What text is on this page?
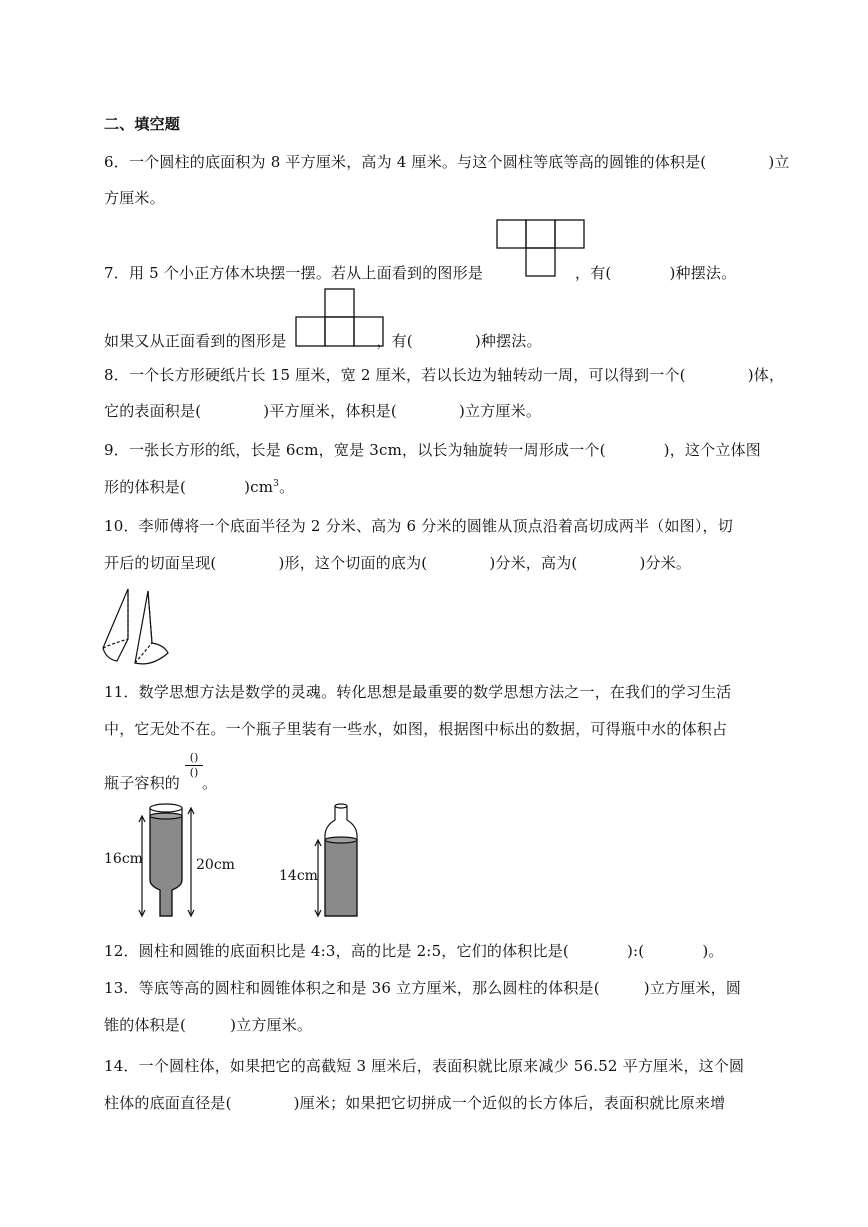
二、填空题
6．一个圆柱的底面积为 8 平方厘米，高为 4 厘米。与这个圆柱等底等高的圆锥的体积是(	)立
方厘米。
7．用 5 个小正方体木块摆一摆。若从上面看到的图形是	，有(	)种摆法。
如果又从正面看到的图形是	，有(	)种摆法。
8．一个长方形硬纸片长 15 厘米，宽 2 厘米，若以长边为轴转动一周，可以得到一个(	)体，
它的表面积是(	)平方厘米，体积是(	)立方厘米。
9．一张长方形的纸，长是 6cm，宽是 3cm，以长为轴旋转一周形成一个(	)，这个立体图
形的体积是(	)$cm^3$。
10．李师傅将一个底面半径为 2 分米、高为 6 分米的圆锥从顶点沿着高切成两半（如图），切
开后的切面呈现(	)形，这个切面的底为(	)分米，高为(	)分米。
11．数学思想方法是数学的灵魂。转化思想是最重要的数学思想方法之一，在我们的学习生活
中，它无处不在。一个瓶子里装有一些水，如图，根据图中标出的数据，可得瓶中水的体积占
瓶子容积的 。
()
()
16cm	20cm
14cm
12．圆柱和圆锥的底面积比是 4:3，高的比是 2:5，它们的体积比是(	):(	)。
13．等底等高的圆柱和圆锥体积之和是 36 立方厘米，那么圆柱的体积是(	)立方厘米，圆
锥的体积是(	)立方厘米。
14．一个圆柱体，如果把它的高截短 3 厘米后，表面积就比原来减少 56.52 平方厘米，这个圆
柱体的底面直径是(	)厘米；如果把它切拼成一个近似的长方体后，表面积就比原来增
